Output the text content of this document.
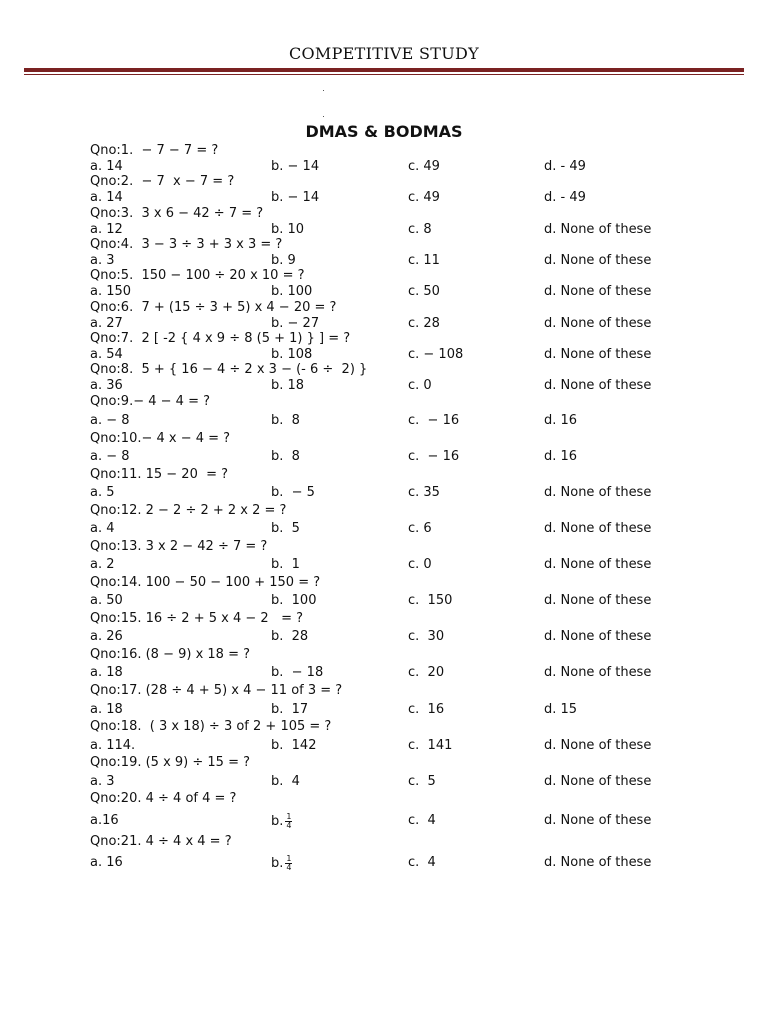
COMPETITIVE STUDY
DMAS & BODMAS
Qno:1.  − 7 − 7 = ?
a. 14	b. − 14	c. 49	d. - 49
Qno:2.  − 7  x − 7 = ?
a. 14	b. − 14	c. 49	d. - 49
Qno:3.  3 x 6 − 42 ÷ 7 = ?
a. 12	b. 10	c. 8	d. None of these
Qno:4.  3 − 3 ÷ 3 + 3 x 3 = ?
a. 3	b. 9	c. 11	d. None of these
Qno:5.  150 − 100 ÷ 20 x 10 = ?
a. 150	b. 100	c. 50	d. None of these
Qno:6.  7 + (15 ÷ 3 + 5) x 4 − 20 = ?
a. 27	b. − 27	c. 28	d. None of these
Qno:7.  2 [ -2 { 4 x 9 ÷ 8 (5 + 1) } ] = ?
a. 54	b. 108	c. − 108	d. None of these
Qno:8.  5 + { 16 − 4 ÷ 2 x 3 − (- 6 ÷  2) }
a. 36	b. 18	c. 0	d. None of these
Qno:9.− 4 − 4 = ?
a. − 8	b.  8	c.  − 16	d. 16
Qno:10.− 4 x − 4 = ?
a. − 8	b.  8	c.  − 16	d. 16
Qno:11. 15 − 20  = ?
a. 5	b.  − 5	c. 35	d. None of these
Qno:12. 2 − 2 ÷ 2 + 2 x 2 = ?
a. 4	b.  5	c. 6	d. None of these
Qno:13. 3 x 2 − 42 ÷ 7 = ?
a. 2	b.  1	c. 0	d. None of these
Qno:14. 100 − 50 − 100 + 150 = ?
a. 50	b.  100	c.  150	d. None of these
Qno:15. 16 ÷ 2 + 5 x 4 − 2   = ?
a. 26	b.  28	c.  30	d. None of these
Qno:16. (8 − 9) x 18 = ?
a. 18	b.  − 18	c.  20	d. None of these
Qno:17. (28 ÷ 4 + 5) x 4 − 11 of 3 = ?
a. 18	b.  17	c.  16	d. 15
Qno:18.  ( 3 x 18) ÷ 3 of 2 + 105 = ?
a. 114.	b.  142	c.  141	d. None of these
Qno:19. (5 x 9) ÷ 15 = ?
a. 3	b.  4	c.  5	d. None of these
Qno:20. 4 ÷ 4 of 4 = ?
a.16	b. $\frac{1}{4}$	c.  4	d. None of these
Qno:21. 4 ÷ 4 x 4 = ?
a. 16	b. $\frac{1}{4}$	c.  4	d. None of these
